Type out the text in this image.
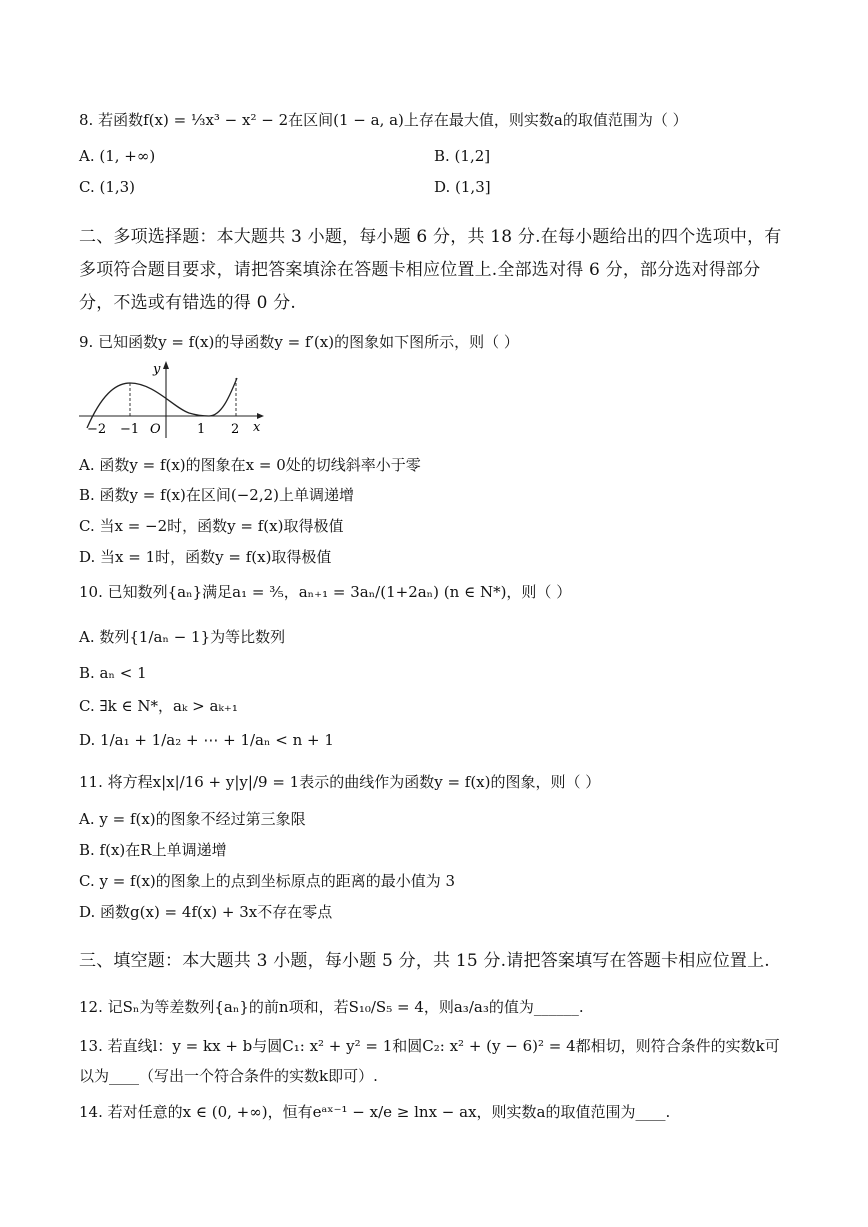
8. 若函数f(x) = ⅓x³ − x² − 2在区间(1 − a, a)上存在最大值，则实数a的取值范围为（ ）
A. (1, +∞)	B. (1,2]
C. (1,3)	D. (1,3]
二、多项选择题：本大题共 3 小题，每小题 6 分，共 18 分.在每小题给出的四个选项中，有
多项符合题目要求，请把答案填涂在答题卡相应位置上.全部选对得 6 分，部分选对得部分
分，不选或有错选的得 0 分.
9. 已知函数y = f(x)的导函数y = f′(x)的图象如下图所示，则（ ）
y
x
O
−2 −1	1 2
A. 函数y = f(x)的图象在x = 0处的切线斜率小于零
B. 函数y = f(x)在区间(−2,2)上单调递增
C. 当x = −2时，函数y = f(x)取得极值
D. 当x = 1时，函数y = f(x)取得极值
10. 已知数列{aₙ}满足a₁ = ³⁄₅，aₙ₊₁ = 3aₙ/(1+2aₙ) (n ∈ N*)，则（ ）
A. 数列{1/aₙ − 1}为等比数列
B. aₙ < 1
C. ∃k ∈ N*，aₖ > aₖ₊₁
D. 1/a₁ + 1/a₂ + ⋯ + 1/aₙ < n + 1
11. 将方程x|x|/16 + y|y|/9 = 1表示的曲线作为函数y = f(x)的图象，则（ ）
A. y = f(x)的图象不经过第三象限
B. f(x)在R上单调递增
C. y = f(x)的图象上的点到坐标原点的距离的最小值为 3
D. 函数g(x) = 4f(x) + 3x不存在零点
三、填空题：本大题共 3 小题，每小题 5 分，共 15 分.请把答案填写在答题卡相应位置上.
12. 记Sₙ为等差数列{aₙ}的前n项和，若S₁₀/S₅ = 4，则a₃/a₃的值为______.
13. 若直线l：y = kx + b与圆C₁: x² + y² = 1和圆C₂: x² + (y − 6)² = 4都相切，则符合条件的实数k可
以为____（写出一个符合条件的实数k即可）.
14. 若对任意的x ∈ (0, +∞)，恒有eᵃˣ⁻¹ − x/e ≥ lnx − ax，则实数a的取值范围为____.
